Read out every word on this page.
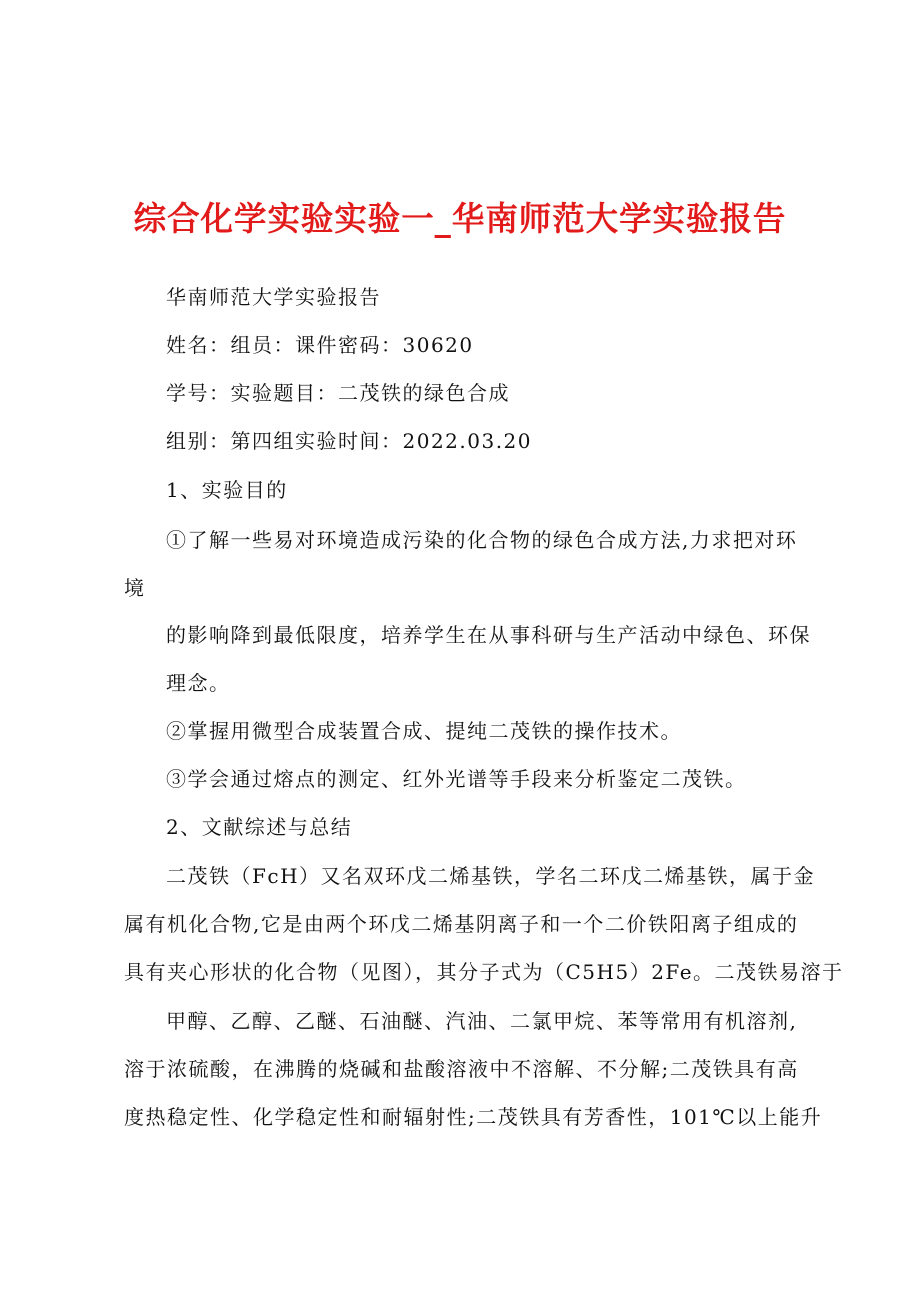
综合化学实验实验一_华南师范大学实验报告
华南师范大学实验报告
姓名：组员：课件密码：30620
学号：实验题目：二茂铁的绿色合成
组别：第四组实验时间：2022.03.20
1、实验目的
①了解一些易对环境造成污染的化合物的绿色合成方法,力求把对环
境
的影响降到最低限度，培养学生在从事科研与生产活动中绿色、环保
理念。
②掌握用微型合成装置合成、提纯二茂铁的操作技术。
③学会通过熔点的测定、红外光谱等手段来分析鉴定二茂铁。
2、文献综述与总结
二茂铁（FcH）又名双环戊二烯基铁，学名二环戊二烯基铁，属于金
属有机化合物,它是由两个环戊二烯基阴离子和一个二价铁阳离子组成的
具有夹心形状的化合物（见图），其分子式为（C5H5）2Fe。二茂铁易溶于
甲醇、乙醇、乙醚、石油醚、汽油、二氯甲烷、苯等常用有机溶剂,
溶于浓硫酸，在沸腾的烧碱和盐酸溶液中不溶解、不分解;二茂铁具有高
度热稳定性、化学稳定性和耐辐射性;二茂铁具有芳香性，101℃以上能升
